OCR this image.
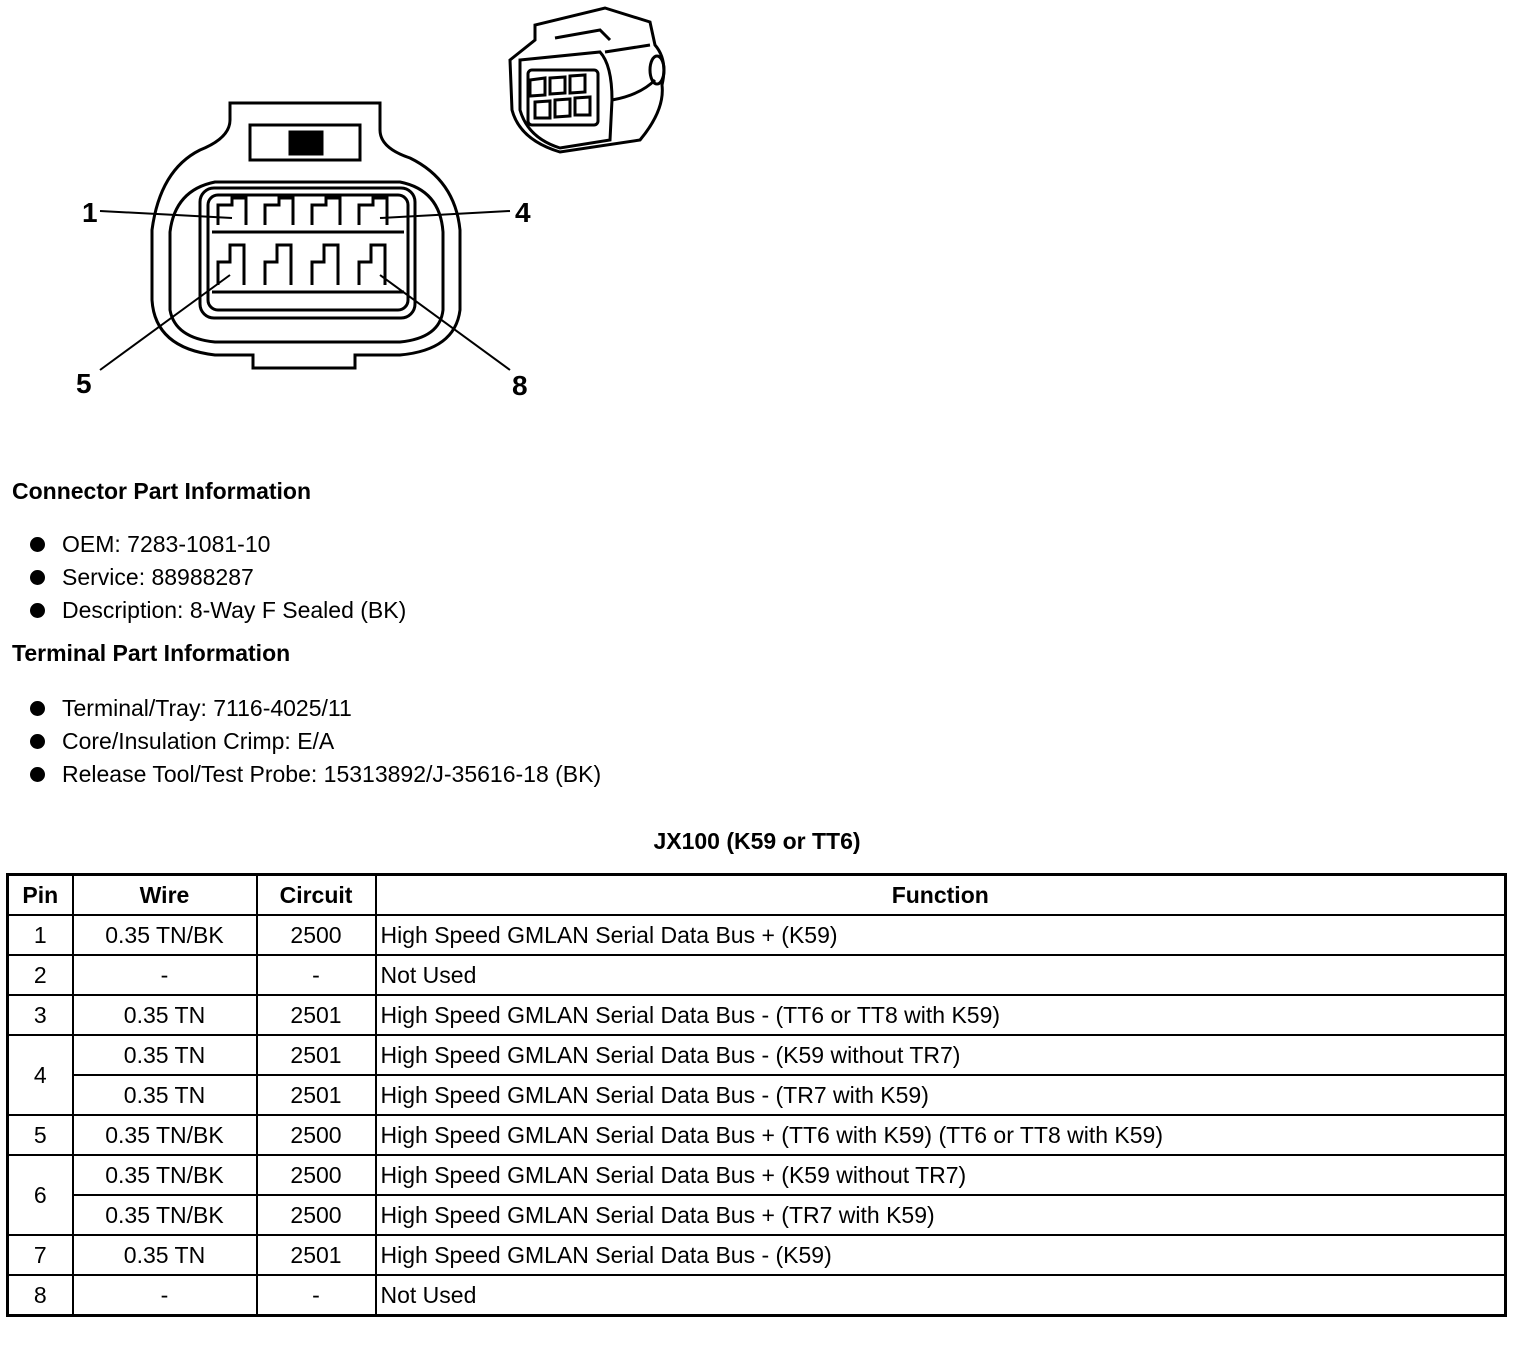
1	4
5	8

Connector Part Information

OEM: 7283-1081-10
Service: 88988287
Description: 8-Way F Sealed (BK)

Terminal Part Information

Terminal/Tray: 7116-4025/11
Core/Insulation Crimp: E/A
Release Tool/Test Probe: 15313892/J-35616-18 (BK)

JX100 (K59 or TT6)

Pin	Wire	Circuit	Function
1	0.35 TN/BK	2500	High Speed GMLAN Serial Data Bus + (K59)
2	-	-	Not Used
3	0.35 TN	2501	High Speed GMLAN Serial Data Bus - (TT6 or TT8 with K59)
4	0.35 TN	2501	High Speed GMLAN Serial Data Bus - (K59 without TR7)
	0.35 TN	2501	High Speed GMLAN Serial Data Bus - (TR7 with K59)
5	0.35 TN/BK	2500	High Speed GMLAN Serial Data Bus + (TT6 with K59) (TT6 or TT8 with K59)
6	0.35 TN/BK	2500	High Speed GMLAN Serial Data Bus + (K59 without TR7)
	0.35 TN/BK	2500	High Speed GMLAN Serial Data Bus + (TR7 with K59)
7	0.35 TN	2501	High Speed GMLAN Serial Data Bus - (K59)
8	-	-	Not Used
